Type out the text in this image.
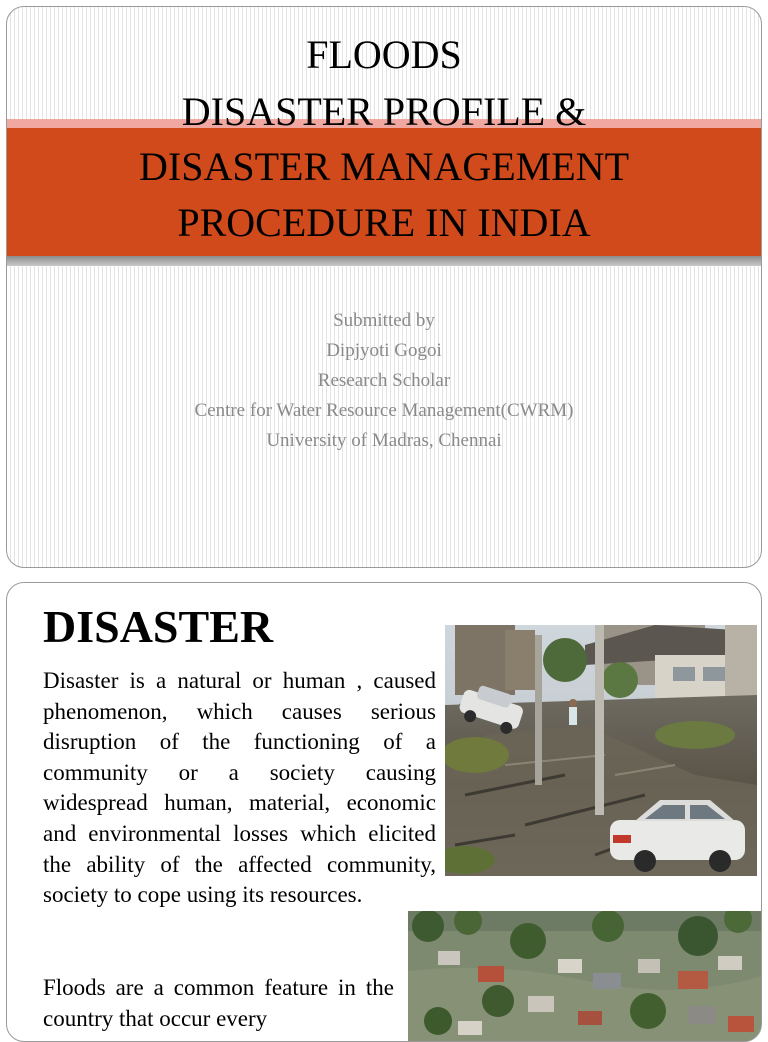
FLOODS
DISASTER PROFILE &
DISASTER MANAGEMENT
PROCEDURE IN INDIA

Submitted by

Dipjyoti Gogoi

Research Scholar

Centre for Water Resource Management(CWRM)

University of Madras, Chennai

DISASTER

Disaster is a natural or human , caused phenomenon, which causes serious disruption of the functioning of a community or a society causing widespread human, material, economic and environmental losses which elicited the ability of the affected community, society to cope using its resources.

Floods are a common feature in the country that occur every
